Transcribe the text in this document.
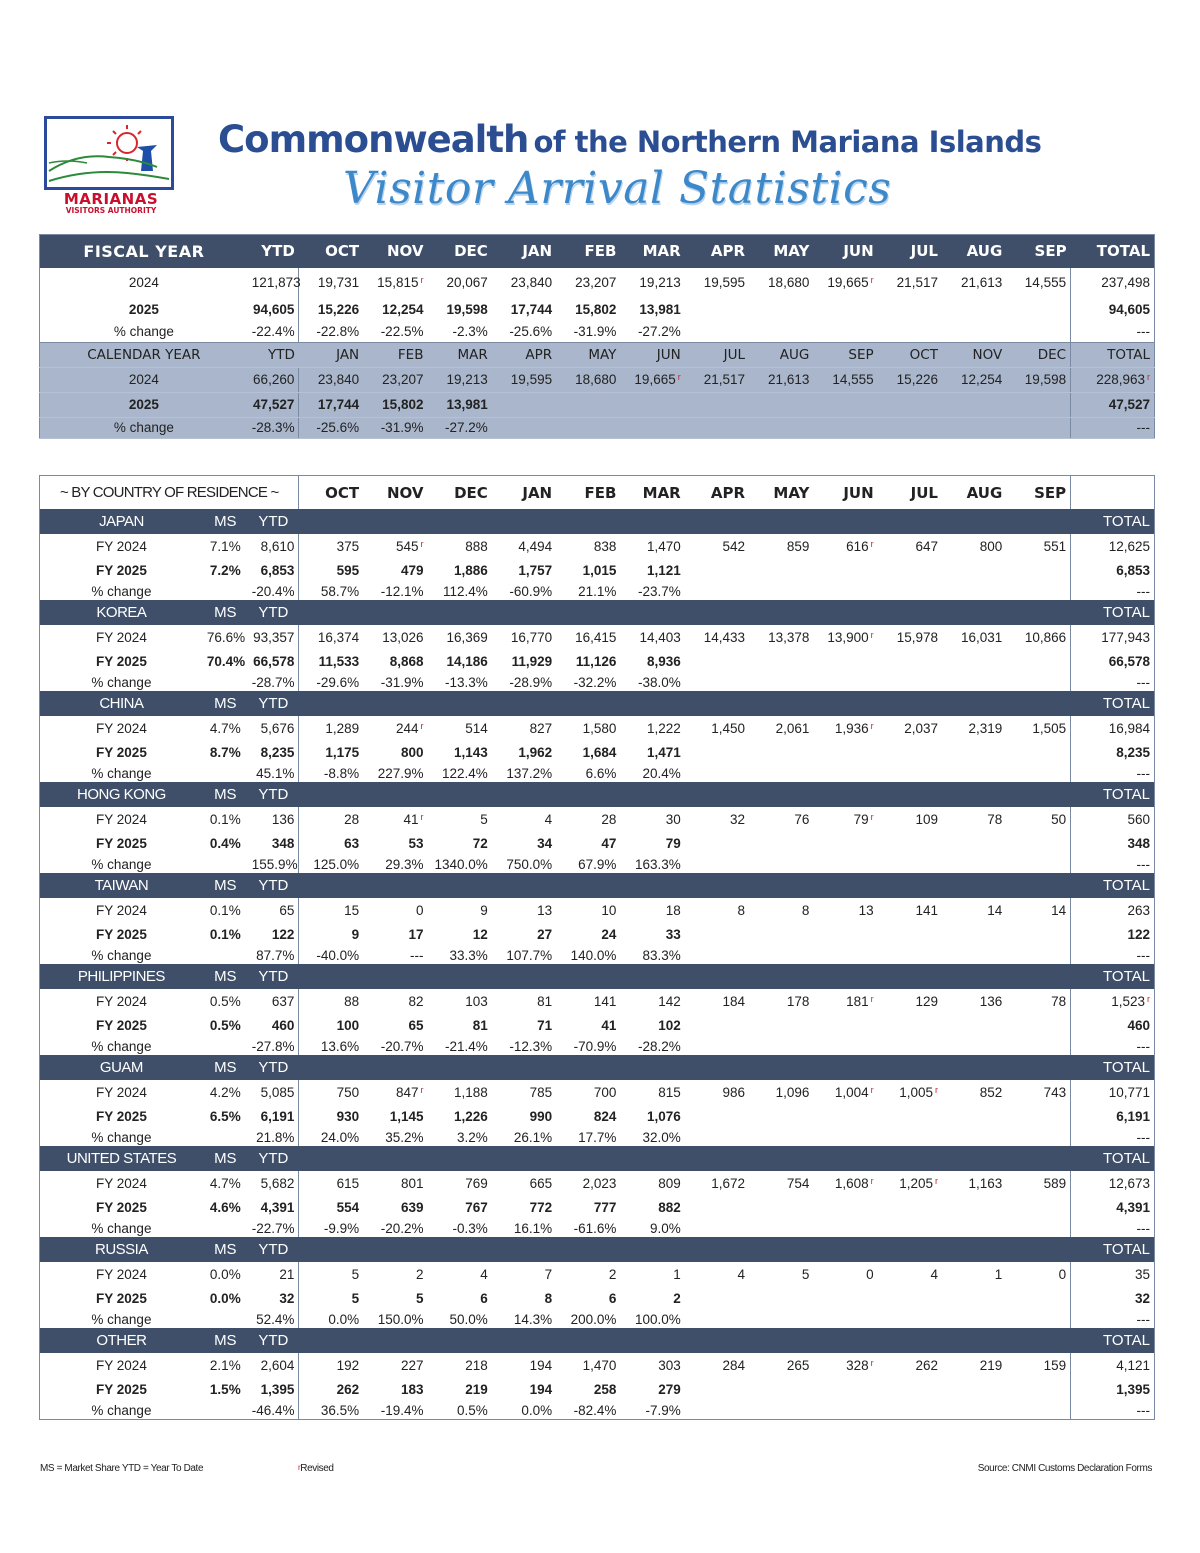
MARIANAS
VISITORS AUTHORITY
Commonwealth of the Northern Mariana Islands
Visitor Arrival Statistics
FISCAL YEAR	YTD	OCT	NOV	DEC	JAN	FEB	MAR	APR	MAY	JUN	JUL	AUG	SEP	TOTAL
2024	121,873	19,731	15,815 $^r$	20,067	23,840	23,207	19,213	19,595	18,680	19,665 $^r$	21,517	21,613	14,555	237,498
2025	94,605	15,226	12,254	19,598	17,744	15,802	13,981							94,605
% change	-22.4%	-22.8%	-22.5%	-2.3%	-25.6%	-31.9%	-27.2%							---
CALENDAR YEAR	YTD	JAN	FEB	MAR	APR	MAY	JUN	JUL	AUG	SEP	OCT	NOV	DEC	TOTAL
2024	66,260	23,840	23,207	19,213	19,595	18,680	19,665 $^r$	21,517	21,613	14,555	15,226	12,254	19,598	228,963 $^r$
2025	47,527	17,744	15,802	13,981										47,527
% change	-28.3%	-25.6%	-31.9%	-27.2%										---
~ BY COUNTRY OF RESIDENCE ~			OCT	NOV	DEC	JAN	FEB	MAR	APR	MAY	JUN	JUL	AUG	SEP	
JAPAN	MS	YTD													TOTAL
FY 2024	7.1%	8,610	375	545 $^r$	888	4,494	838	1,470	542	859	616 $^r$	647	800	551	12,625
FY 2025	7.2%	6,853	595	479	1,886	1,757	1,015	1,121							6,853
% change		-20.4%	58.7%	-12.1%	112.4%	-60.9%	21.1%	-23.7%							---
KOREA	MS	YTD													TOTAL
FY 2024	76.6%	93,357	16,374	13,026	16,369	16,770	16,415	14,403	14,433	13,378	13,900 $^r$	15,978	16,031	10,866	177,943
FY 2025	70.4%	66,578	11,533	8,868	14,186	11,929	11,126	8,936							66,578
% change		-28.7%	-29.6%	-31.9%	-13.3%	-28.9%	-32.2%	-38.0%							---
CHINA	MS	YTD													TOTAL
FY 2024	4.7%	5,676	1,289	244 $^r$	514	827	1,580	1,222	1,450	2,061	1,936 $^r$	2,037	2,319	1,505	16,984
FY 2025	8.7%	8,235	1,175	800	1,143	1,962	1,684	1,471							8,235
% change		45.1%	-8.8%	227.9%	122.4%	137.2%	6.6%	20.4%							---
HONG KONG	MS	YTD													TOTAL
FY 2024	0.1%	136	28	41 $^r$	5	4	28	30	32	76	79 $^r$	109	78	50	560
FY 2025	0.4%	348	63	53	72	34	47	79							348
% change		155.9%	125.0%	29.3%	1340.0%	750.0%	67.9%	163.3%							---
TAIWAN	MS	YTD													TOTAL
FY 2024	0.1%	65	15	0	9	13	10	18	8	8	13	141	14	14	263
FY 2025	0.1%	122	9	17	12	27	24	33							122
% change		87.7%	-40.0%	---	33.3%	107.7%	140.0%	83.3%							---
PHILIPPINES	MS	YTD													TOTAL
FY 2024	0.5%	637	88	82	103	81	141	142	184	178	181 $^r$	129	136	78	1,523 $^r$
FY 2025	0.5%	460	100	65	81	71	41	102							460
% change		-27.8%	13.6%	-20.7%	-21.4%	-12.3%	-70.9%	-28.2%							---
GUAM	MS	YTD													TOTAL
FY 2024	4.2%	5,085	750	847 $^r$	1,188	785	700	815	986	1,096	1,004 $^r$	1,005 $^r$	852	743	10,771
FY 2025	6.5%	6,191	930	1,145	1,226	990	824	1,076							6,191
% change		21.8%	24.0%	35.2%	3.2%	26.1%	17.7%	32.0%							---
UNITED STATES	MS	YTD													TOTAL
FY 2024	4.7%	5,682	615	801	769	665	2,023	809	1,672	754	1,608 $^r$	1,205 $^r$	1,163	589	12,673
FY 2025	4.6%	4,391	554	639	767	772	777	882							4,391
% change		-22.7%	-9.9%	-20.2%	-0.3%	16.1%	-61.6%	9.0%							---
RUSSIA	MS	YTD													TOTAL
FY 2024	0.0%	21	5	2	4	7	2	1	4	5	0	4	1	0	35
FY 2025	0.0%	32	5	5	6	8	6	2							32
% change		52.4%	0.0%	150.0%	50.0%	14.3%	200.0%	100.0%							---
OTHER	MS	YTD													TOTAL
FY 2024	2.1%	2,604	192	227	218	194	1,470	303	284	265	328 $^r$	262	219	159	4,121
FY 2025	1.5%	1,395	262	183	219	194	258	279							1,395
% change		-46.4%	36.5%	-19.4%	0.5%	0.0%	-82.4%	-7.9%							---
MS = Market Share YTD = Year To Date	$^r$Revised	Source: CNMI Customs Declaration Forms
